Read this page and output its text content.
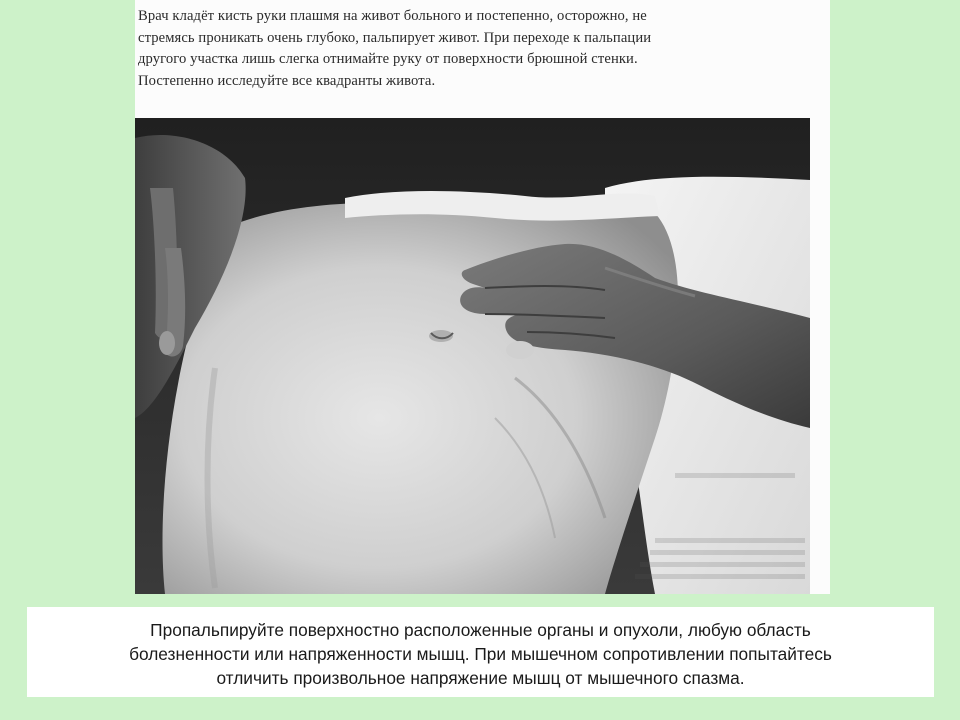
Врач кладёт кисть руки плашмя на живот больного и постепенно, осторожно, не
стремясь проникать очень глубоко, пальпирует живот. При переходе к пальпации
другого участка лишь слегка отнимайте руку от поверхности брюшной стенки.
Постепенно исследуйте все квадранты живота.

Пропальпируйте поверхностно расположенные органы и опухоли, любую область

болезненности или напряженности мышц. При мышечном сопротивлении попытайтесь

отличить произвольное напряжение мышц от мышечного спазма.
